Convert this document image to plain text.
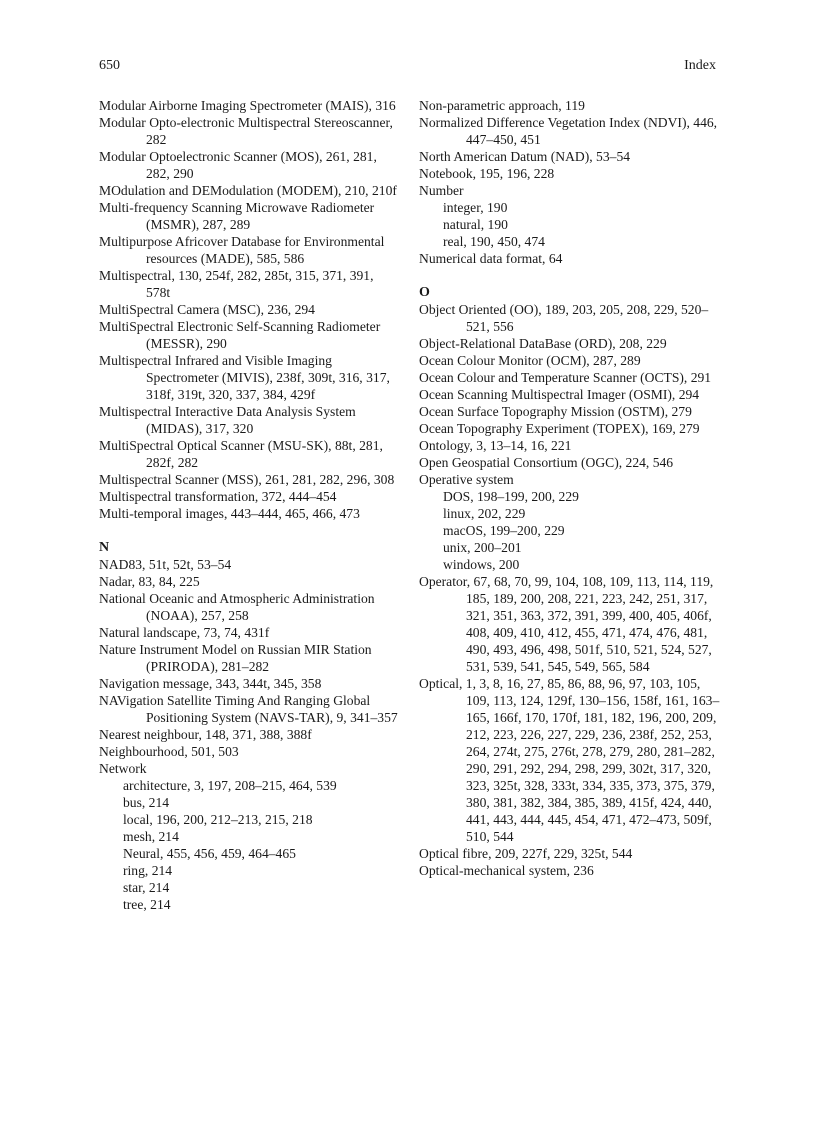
650	Index
Modular Airborne Imaging Spectrometer (MAIS), 316
Modular Opto-electronic Multispectral Stereoscanner, 282
Modular Optoelectronic Scanner (MOS), 261, 281, 282, 290
MOdulation and DEModulation (MODEM), 210, 210f
Multi-frequency Scanning Microwave Radiometer (MSMR), 287, 289
Multipurpose Africover Database for Environmental resources (MADE), 585, 586
Multispectral, 130, 254f, 282, 285t, 315, 371, 391, 578t
MultiSpectral Camera (MSC), 236, 294
MultiSpectral Electronic Self-Scanning Radiometer (MESSR), 290
Multispectral Infrared and Visible Imaging Spectrometer (MIVIS), 238f, 309t, 316, 317, 318f, 319t, 320, 337, 384, 429f
Multispectral Interactive Data Analysis System (MIDAS), 317, 320
MultiSpectral Optical Scanner (MSU-SK), 88t, 281, 282f, 282
Multispectral Scanner (MSS), 261, 281, 282, 296, 308
Multispectral transformation, 372, 444–454
Multi-temporal images, 443–444, 465, 466, 473
N
NAD83, 51t, 52t, 53–54
Nadar, 83, 84, 225
National Oceanic and Atmospheric Administration (NOAA), 257, 258
Natural landscape, 73, 74, 431f
Nature Instrument Model on Russian MIR Station (PRIRODA), 281–282
Navigation message, 343, 344t, 345, 358
NAVigation Satellite Timing And Ranging Global Positioning System (NAVS-TAR), 9, 341–357
Nearest neighbour, 148, 371, 388, 388f
Neighbourhood, 501, 503
Network
architecture, 3, 197, 208–215, 464, 539
bus, 214
local, 196, 200, 212–213, 215, 218
mesh, 214
Neural, 455, 456, 459, 464–465
ring, 214
star, 214
tree, 214
Non-parametric approach, 119
Normalized Difference Vegetation Index (NDVI), 446, 447–450, 451
North American Datum (NAD), 53–54
Notebook, 195, 196, 228
Number
integer, 190
natural, 190
real, 190, 450, 474
Numerical data format, 64
O
Object Oriented (OO), 189, 203, 205, 208, 229, 520–521, 556
Object-Relational DataBase (ORD), 208, 229
Ocean Colour Monitor (OCM), 287, 289
Ocean Colour and Temperature Scanner (OCTS), 291
Ocean Scanning Multispectral Imager (OSMI), 294
Ocean Surface Topography Mission (OSTM), 279
Ocean Topography Experiment (TOPEX), 169, 279
Ontology, 3, 13–14, 16, 221
Open Geospatial Consortium (OGC), 224, 546
Operative system
DOS, 198–199, 200, 229
linux, 202, 229
macOS, 199–200, 229
unix, 200–201
windows, 200
Operator, 67, 68, 70, 99, 104, 108, 109, 113, 114, 119, 185, 189, 200, 208, 221, 223, 242, 251, 317, 321, 351, 363, 372, 391, 399, 400, 405, 406f, 408, 409, 410, 412, 455, 471, 474, 476, 481, 490, 493, 496, 498, 501f, 510, 521, 524, 527, 531, 539, 541, 545, 549, 565, 584
Optical, 1, 3, 8, 16, 27, 85, 86, 88, 96, 97, 103, 105, 109, 113, 124, 129f, 130–156, 158f, 161, 163–165, 166f, 170, 170f, 181, 182, 196, 200, 209, 212, 223, 226, 227, 229, 236, 238f, 252, 253, 264, 274t, 275, 276t, 278, 279, 280, 281–282, 290, 291, 292, 294, 298, 299, 302t, 317, 320, 323, 325t, 328, 333t, 334, 335, 373, 375, 379, 380, 381, 382, 384, 385, 389, 415f, 424, 440, 441, 443, 444, 445, 454, 471, 472–473, 509f, 510, 544
Optical fibre, 209, 227f, 229, 325t, 544
Optical-mechanical system, 236
